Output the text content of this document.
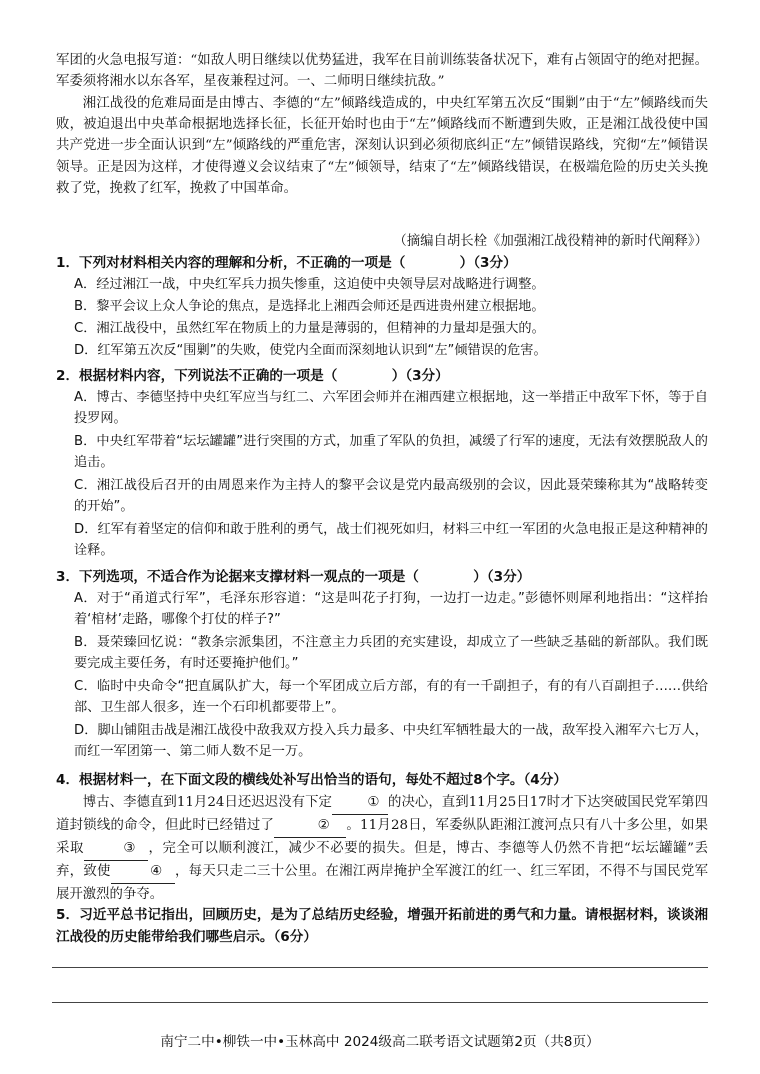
军团的火急电报写道：“如敌人明日继续以优势猛进，我军在目前训练装备状况下，难有占领固守的绝对把握。军委须将湘水以东各军，星夜兼程过河。一、二师明日继续抗敌。”

湘江战役的危难局面是由博古、李德的“左”倾路线造成的，中央红军第五次反“围剿”由于“左”倾路线而失败，被迫退出中央革命根据地选择长征，长征开始时也由于“左”倾路线而不断遭到失败，正是湘江战役使中国共产党进一步全面认识到“左”倾路线的严重危害，深刻认识到必须彻底纠正“左”倾错误路线，究彻“左”倾错误领导。正是因为这样，才使得遵义会议结束了“左”倾领导，结束了“左”倾路线错误，在极端危险的历史关头挽救了党，挽救了红军，挽救了中国革命。

（摘编自胡长栓《加强湘江战役精神的新时代阐释》）
1．下列对材料相关内容的理解和分析，不正确的一项是（　　　　）（3分）

A．经过湘江一战，中央红军兵力损失惨重，这迫使中央领导层对战略进行调整。

B．黎平会议上众人争论的焦点，是选择北上湘西会师还是西进贵州建立根据地。

C．湘江战役中，虽然红军在物质上的力量是薄弱的，但精神的力量却是强大的。

D．红军第五次反“围剿”的失败，使党内全面而深刻地认识到“左”倾错误的危害。

2．根据材料内容，下列说法不正确的一项是（　　　　）（3分）

A．博古、李德坚持中央红军应当与红二、六军团会师并在湘西建立根据地，这一举措正中敌军下怀，等于自投罗网。

B．中央红军带着“坛坛罐罐”进行突围的方式，加重了军队的负担，减缓了行军的速度，无法有效摆脱敌人的追击。

C．湘江战役后召开的由周恩来作为主持人的黎平会议是党内最高级别的会议，因此聂荣臻称其为“战略转变的开始”。

D．红军有着坚定的信仰和敢于胜利的勇气，战士们视死如归，材料三中红一军团的火急电报正是这种精神的诠释。

3．下列选项，不适合作为论据来支撑材料一观点的一项是（　　　　）（3分）

A．对于“甬道式行军”，毛泽东形容道：“这是叫花子打狗，一边打一边走。”彭德怀则犀利地指出：“这样抬着‘棺材’走路，哪像个打仗的样子?”

B．聂荣臻回忆说：“教条宗派集团，不注意主力兵团的充实建设，却成立了一些缺乏基础的新部队。我们既要完成主要任务，有时还要掩护他们。”

C．临时中央命令“把直属队扩大，每一个军团成立后方部，有的有一千副担子，有的有八百副担子……供给部、卫生部人很多，连一个石印机都要带上”。

D．脚山铺阻击战是湘江战役中敌我双方投入兵力最多、中央红军牺牲最大的一战，敌军投入湘军六七万人，而红一军团第一、第二师人数不足一万。

4．根据材料一，在下面文段的横线处补写出恰当的语句，每处不超过8个字。（4分）

博古、李德直到11月24日还迟迟没有下定	① 的决心，直到11月25日17时才下达突破国民党军第四道封锁线的命令，但此时已经错过了	② 。11月28日，军委纵队距湘江渡河点只有八十多公里，如果采取	③ ，完全可以顺利渡江，减少不必要的损失。但是，博古、李德等人仍然不肯把“坛坛罐罐”丢弃，致使	④ ，每天只走二三十公里。在湘江两岸掩护全军渡江的红一、红三军团，不得不与国民党军展开激烈的争夺。

5．习近平总书记指出，回顾历史，是为了总结历史经验，增强开拓前进的勇气和力量。请根据材料，谈谈湘江战役的历史能带给我们哪些启示。（6分）
南宁二中•柳铁一中•玉林高中 2024级高二联考语文试题第2页（共8页）
